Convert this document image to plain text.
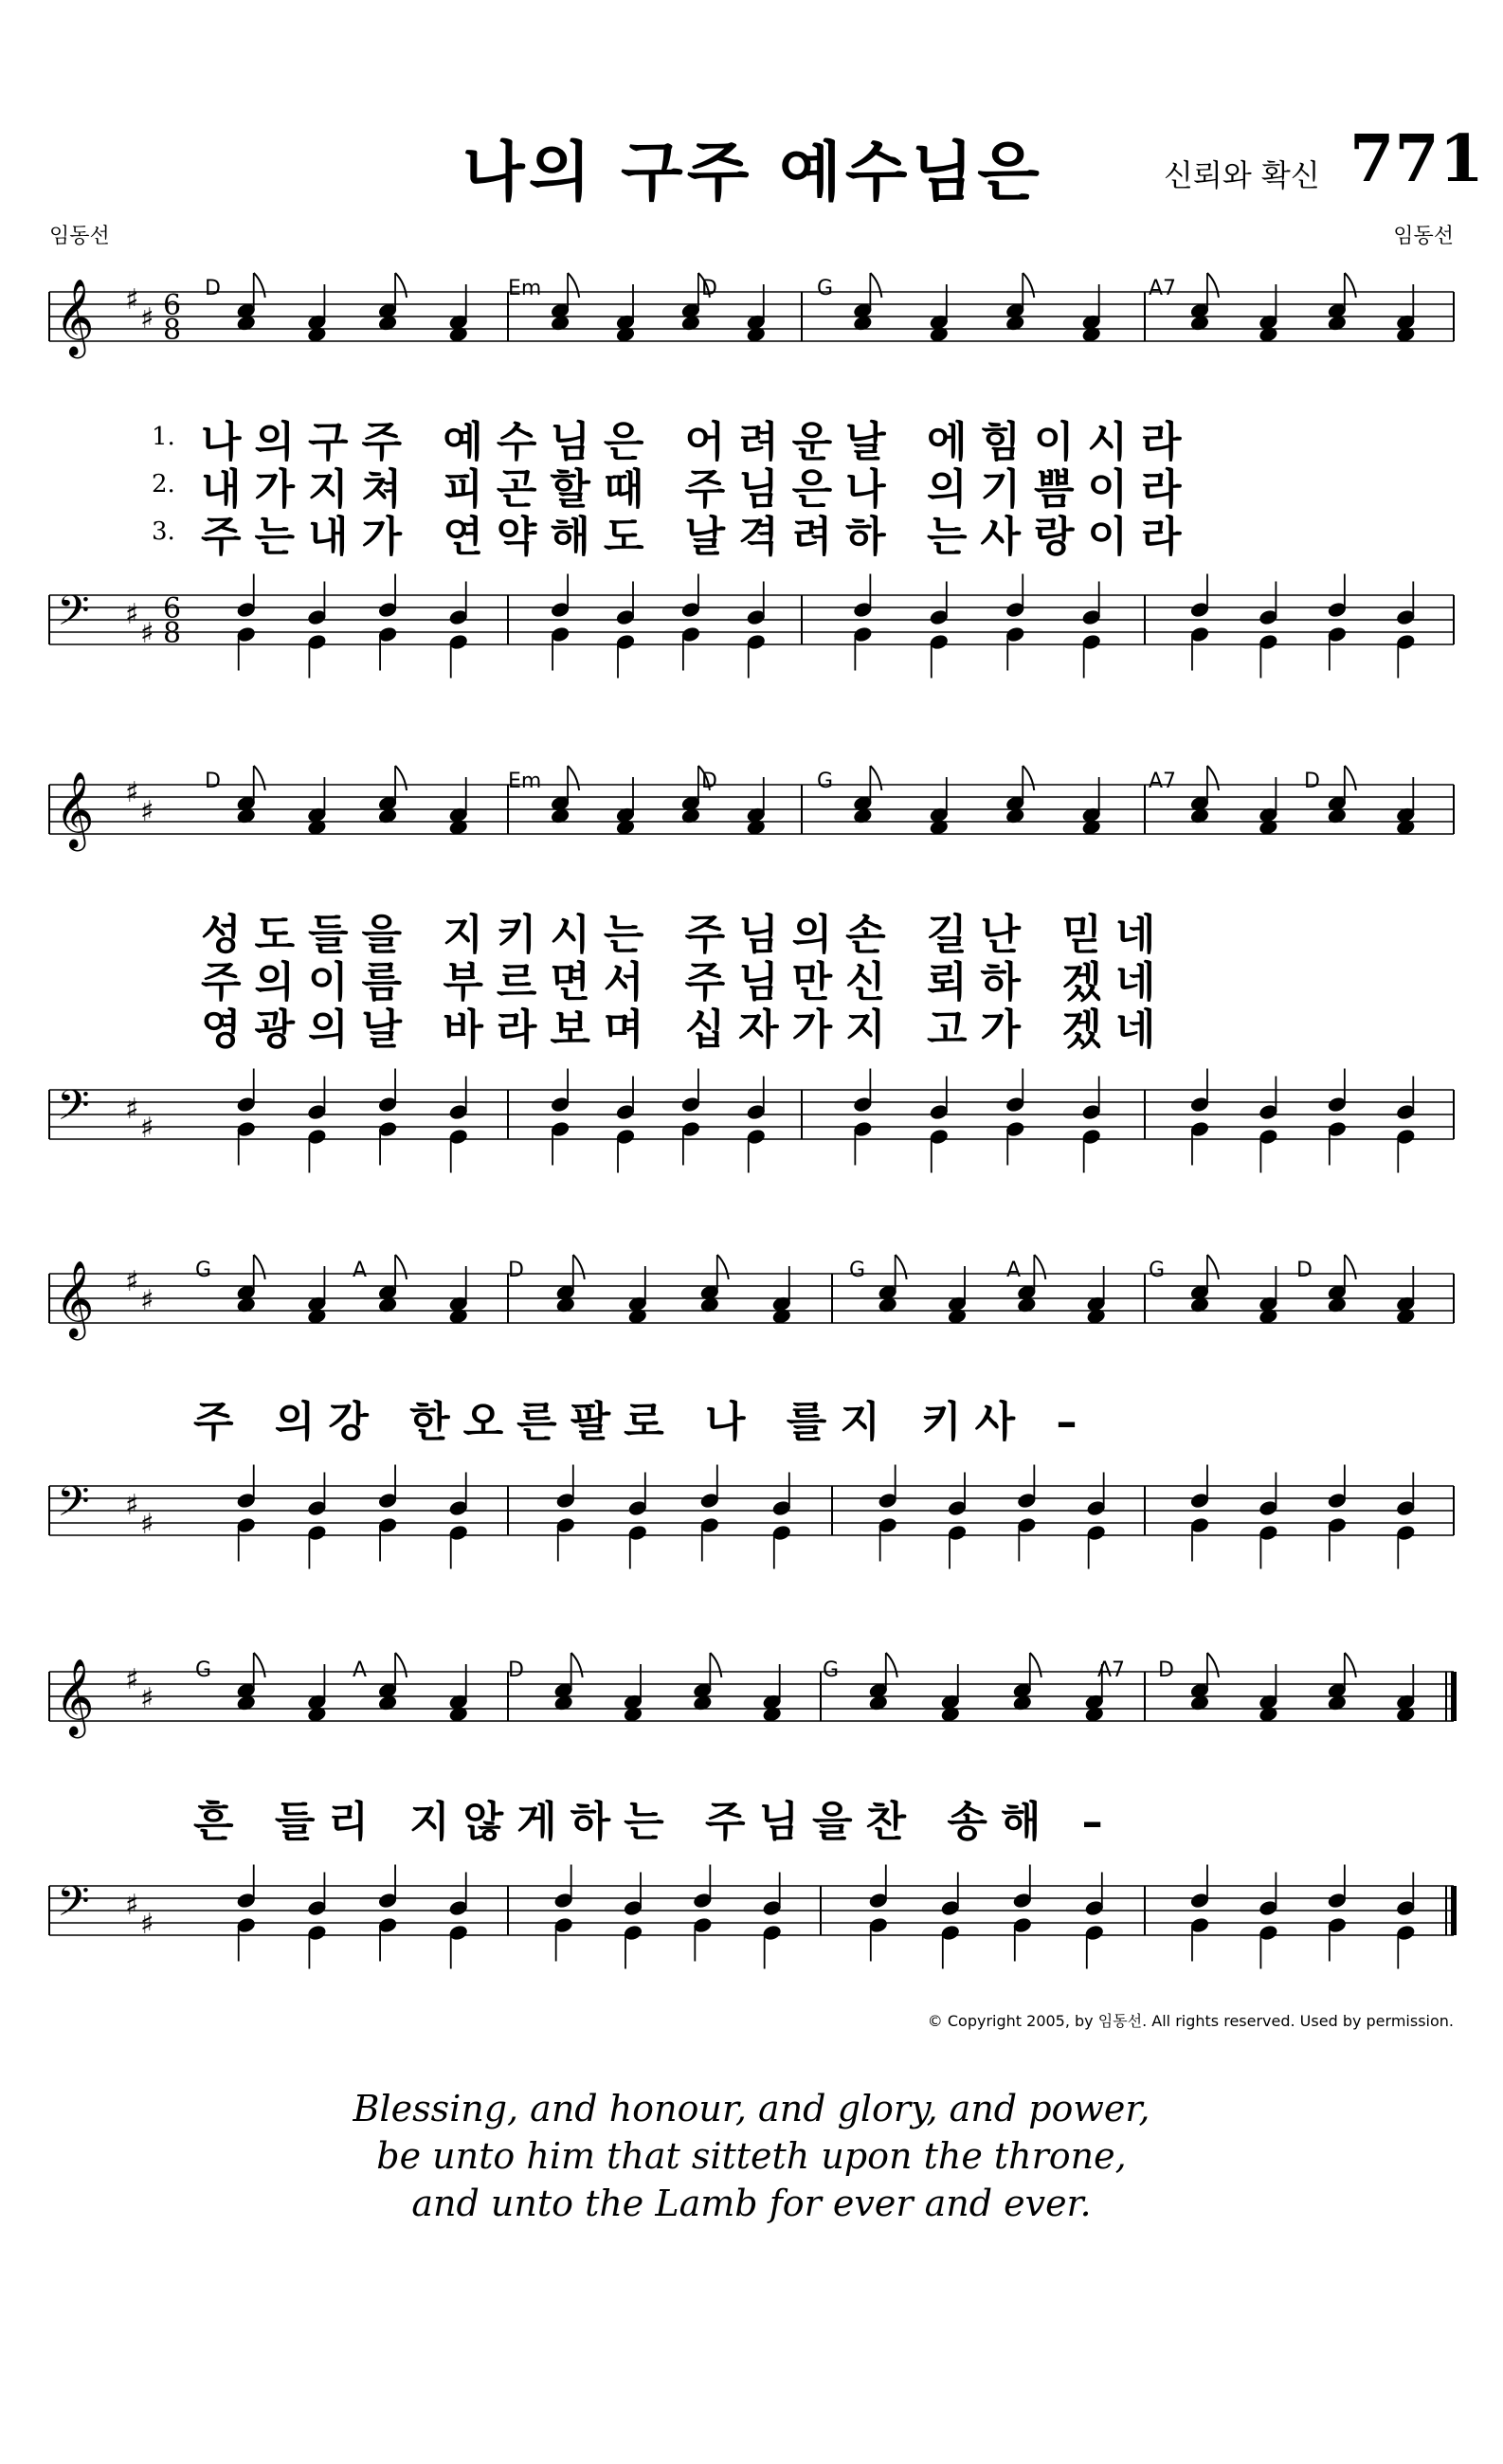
나의 구주 예수님은	신뢰와 확신 771
임동선	임동선
𝄞
𝄢
♯
♯
♯
♯
6
8
6
8
𝄞
𝄢
♯
♯
♯
♯
𝄞
𝄢
♯
♯
♯
♯
𝄞
𝄢
♯
♯
♯
♯
D	Em	D	G	A7
D	Em	D	G	A7	D
G	A	D	G	A	G	D
G	A	D	G	A7 D
1. 나의구주 예수님은 어려운날 에힘이시라
2. 내가지쳐 피곤할때 주님은나 의기쁨이라
3. 주는내가 연약해도 날격려하 는사랑이라
성도들을 지키시는 주님의손 길난 믿네
주의이름 부르면서 주님만신 뢰하 겠네
영광의날 바라보며 십자가지 고가 겠네
주 의강 한오른팔로 나 를지 키사 –
흔 들리 지않게하는 주님을찬 송해 –
© Copyright 2005, by 임동선. All rights reserved. Used by permission.
Blessing, and honour, and glory, and power,
be unto him that sitteth upon the throne,
and unto the Lamb for ever and ever.
